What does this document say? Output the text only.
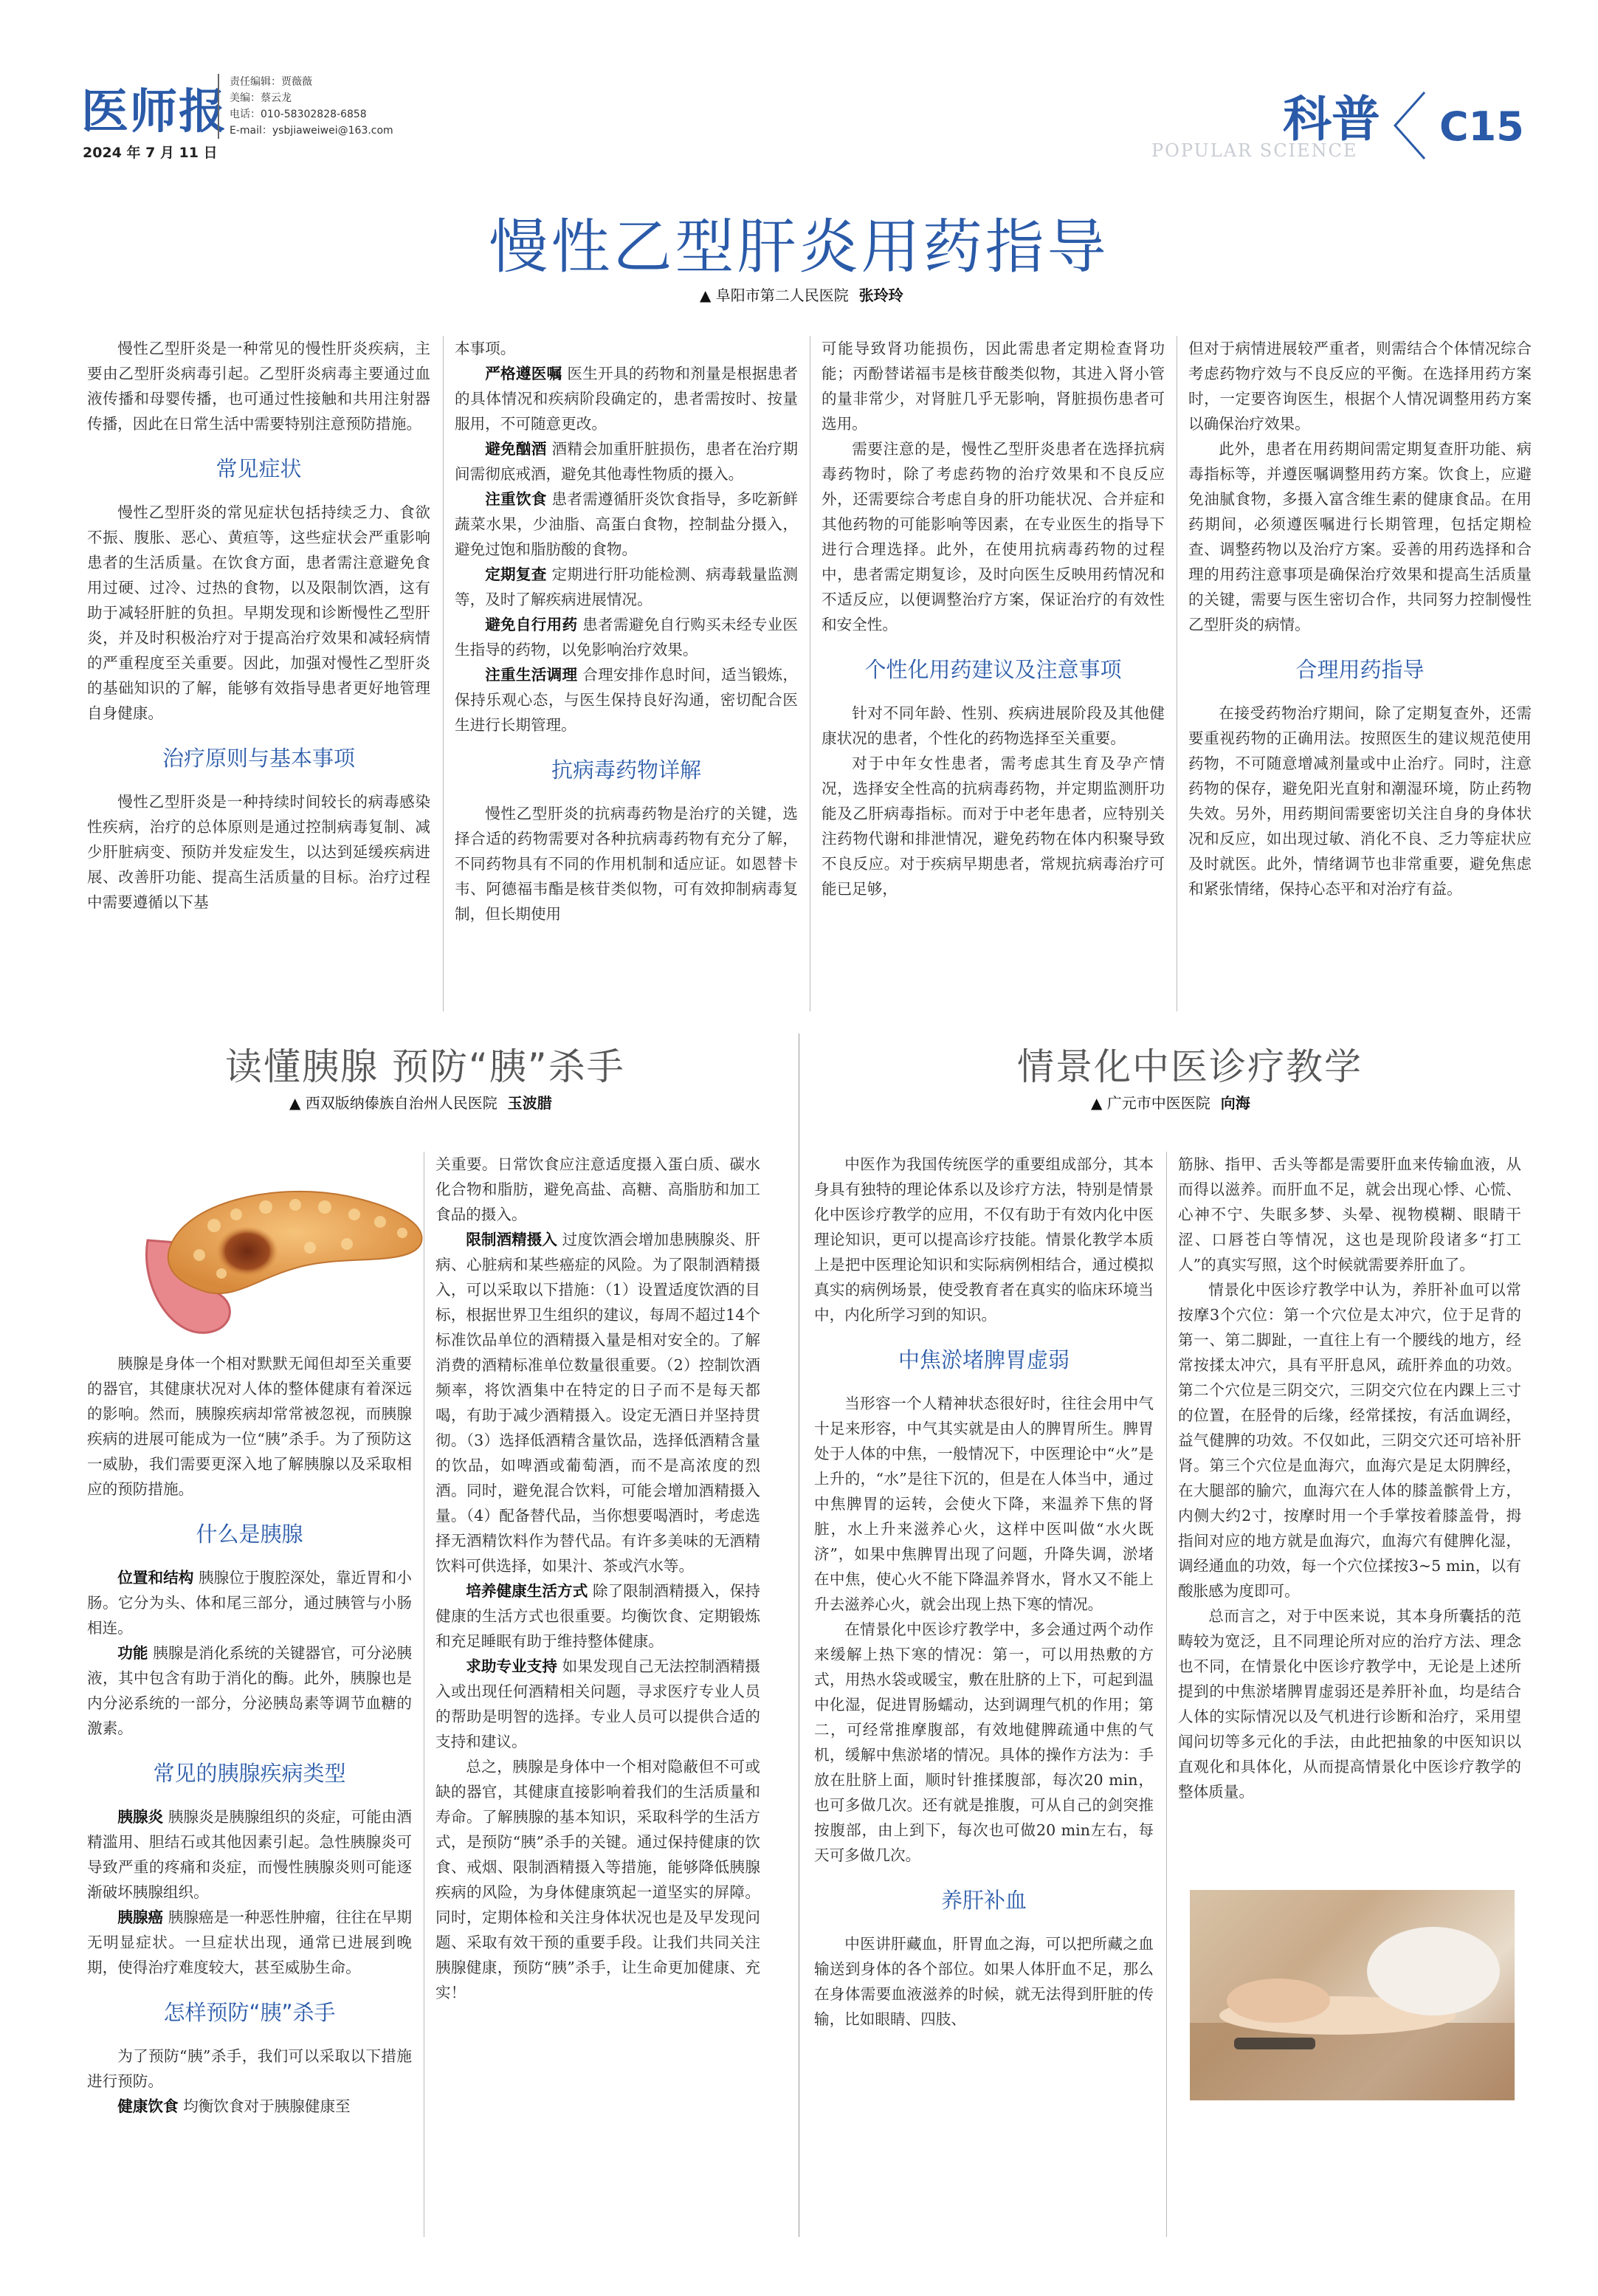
医师报
2024 年 7 月 11 日
责任编辑：贾薇薇
美编：蔡云龙
电话：010-58302828-6858
E-mail：ysbjiaweiwei@163.com	科普
POPULAR SCIENCE
C15
慢性乙型肝炎用药指导
▲ 阜阳市第二人民医院 张玲玲

慢性乙型肝炎是一种常见的慢性肝炎疾病，主要由乙型肝炎病毒引起。乙型肝炎病毒主要通过血液传播和母婴传播，也可通过性接触和共用注射器传播，因此在日常生活中需要特别注意预防措施。

常见症状

慢性乙型肝炎的常见症状包括持续乏力、食欲不振、腹胀、恶心、黄疸等，这些症状会严重影响患者的生活质量。在饮食方面，患者需注意避免食用过硬、过冷、过热的食物，以及限制饮酒，这有助于减轻肝脏的负担。早期发现和诊断慢性乙型肝炎，并及时积极治疗对于提高治疗效果和减轻病情的严重程度至关重要。因此，加强对慢性乙型肝炎的基础知识的了解，能够有效指导患者更好地管理自身健康。

治疗原则与基本事项

慢性乙型肝炎是一种持续时间较长的病毒感染性疾病，治疗的总体原则是通过控制病毒复制、减少肝脏病变、预防并发症发生，以达到延缓疾病进展、改善肝功能、提高生活质量的目标。治疗过程中需要遵循以下基

本事项。

严格遵医嘱 医生开具的药物和剂量是根据患者的具体情况和疾病阶段确定的，患者需按时、按量服用，不可随意更改。

避免酗酒 酒精会加重肝脏损伤，患者在治疗期间需彻底戒酒，避免其他毒性物质的摄入。

注重饮食 患者需遵循肝炎饮食指导，多吃新鲜蔬菜水果，少油脂、高蛋白食物，控制盐分摄入，避免过饱和脂肪酸的食物。

定期复查 定期进行肝功能检测、病毒载量监测等，及时了解疾病进展情况。

避免自行用药 患者需避免自行购买未经专业医生指导的药物，以免影响治疗效果。

注重生活调理 合理安排作息时间，适当锻炼，保持乐观心态，与医生保持良好沟通，密切配合医生进行长期管理。

抗病毒药物详解

慢性乙型肝炎的抗病毒药物是治疗的关键，选择合适的药物需要对各种抗病毒药物有充分了解，不同药物具有不同的作用机制和适应证。如恩替卡韦、阿德福韦酯是核苷类似物，可有效抑制病毒复制，但长期使用

可能导致肾功能损伤，因此需患者定期检查肾功能；丙酚替诺福韦是核苷酸类似物，其进入肾小管的量非常少，对肾脏几乎无影响，肾脏损伤患者可选用。

需要注意的是，慢性乙型肝炎患者在选择抗病毒药物时，除了考虑药物的治疗效果和不良反应外，还需要综合考虑自身的肝功能状况、合并症和其他药物的可能影响等因素，在专业医生的指导下进行合理选择。此外，在使用抗病毒药物的过程中，患者需定期复诊，及时向医生反映用药情况和不适反应，以便调整治疗方案，保证治疗的有效性和安全性。

个性化用药建议及注意事项

针对不同年龄、性别、疾病进展阶段及其他健康状况的患者，个性化的药物选择至关重要。

对于中年女性患者，需考虑其生育及孕产情况，选择安全性高的抗病毒药物，并定期监测肝功能及乙肝病毒指标。而对于中老年患者，应特别关注药物代谢和排泄情况，避免药物在体内积聚导致不良反应。对于疾病早期患者，常规抗病毒治疗可能已足够，

但对于病情进展较严重者，则需结合个体情况综合考虑药物疗效与不良反应的平衡。在选择用药方案时，一定要咨询医生，根据个人情况调整用药方案以确保治疗效果。

此外，患者在用药期间需定期复查肝功能、病毒指标等，并遵医嘱调整用药方案。饮食上，应避免油腻食物，多摄入富含维生素的健康食品。在用药期间，必须遵医嘱进行长期管理，包括定期检查、调整药物以及治疗方案。妥善的用药选择和合理的用药注意事项是确保治疗效果和提高生活质量的关键，需要与医生密切合作，共同努力控制慢性乙型肝炎的病情。

合理用药指导

在接受药物治疗期间，除了定期复查外，还需要重视药物的正确用法。按照医生的建议规范使用药物，不可随意增减剂量或中止治疗。同时，注意药物的保存，避免阳光直射和潮湿环境，防止药物失效。另外，用药期间需要密切关注自身的身体状况和反应，如出现过敏、消化不良、乏力等症状应及时就医。此外，情绪调节也非常重要，避免焦虑和紧张情绪，保持心态平和对治疗有益。

读懂胰腺 预防“胰”杀手
▲ 西双版纳傣族自治州人民医院 玉波腊

胰腺是身体一个相对默默无闻但却至关重要的器官，其健康状况对人体的整体健康有着深远的影响。然而，胰腺疾病却常常被忽视，而胰腺疾病的进展可能成为一位“胰”杀手。为了预防这一威胁，我们需要更深入地了解胰腺以及采取相应的预防措施。

什么是胰腺

位置和结构 胰腺位于腹腔深处，靠近胃和小肠。它分为头、体和尾三部分，通过胰管与小肠相连。

功能 胰腺是消化系统的关键器官，可分泌胰液，其中包含有助于消化的酶。此外，胰腺也是内分泌系统的一部分，分泌胰岛素等调节血糖的激素。

常见的胰腺疾病类型

胰腺炎 胰腺炎是胰腺组织的炎症，可能由酒精滥用、胆结石或其他因素引起。急性胰腺炎可导致严重的疼痛和炎症，而慢性胰腺炎则可能逐渐破坏胰腺组织。

胰腺癌 胰腺癌是一种恶性肿瘤，往往在早期无明显症状。一旦症状出现，通常已进展到晚期，使得治疗难度较大，甚至威胁生命。

怎样预防“胰”杀手

为了预防“胰”杀手，我们可以采取以下措施进行预防。

健康饮食 均衡饮食对于胰腺健康至

关重要。日常饮食应注意适度摄入蛋白质、碳水化合物和脂肪，避免高盐、高糖、高脂肪和加工食品的摄入。

限制酒精摄入 过度饮酒会增加患胰腺炎、肝病、心脏病和某些癌症的风险。为了限制酒精摄入，可以采取以下措施：（1）设置适度饮酒的目标，根据世界卫生组织的建议，每周不超过14个标准饮品单位的酒精摄入量是相对安全的。了解消费的酒精标准单位数量很重要。（2）控制饮酒频率，将饮酒集中在特定的日子而不是每天都喝，有助于减少酒精摄入。设定无酒日并坚持贯彻。（3）选择低酒精含量饮品，选择低酒精含量的饮品，如啤酒或葡萄酒，而不是高浓度的烈酒。同时，避免混合饮料，可能会增加酒精摄入量。（4）配备替代品，当你想要喝酒时，考虑选择无酒精饮料作为替代品。有许多美味的无酒精饮料可供选择，如果汁、茶或汽水等。

培养健康生活方式 除了限制酒精摄入，保持健康的生活方式也很重要。均衡饮食、定期锻炼和充足睡眠有助于维持整体健康。

求助专业支持 如果发现自己无法控制酒精摄入或出现任何酒精相关问题，寻求医疗专业人员的帮助是明智的选择。专业人员可以提供合适的支持和建议。

总之，胰腺是身体中一个相对隐蔽但不可或缺的器官，其健康直接影响着我们的生活质量和寿命。了解胰腺的基本知识，采取科学的生活方式，是预防“胰”杀手的关键。通过保持健康的饮食、戒烟、限制酒精摄入等措施，能够降低胰腺疾病的风险，为身体健康筑起一道坚实的屏障。同时，定期体检和关注身体状况也是及早发现问题、采取有效干预的重要手段。让我们共同关注胰腺健康，预防“胰”杀手，让生命更加健康、充实！

情景化中医诊疗教学
▲ 广元市中医医院 向海

中医作为我国传统医学的重要组成部分，其本身具有独特的理论体系以及诊疗方法，特别是情景化中医诊疗教学的应用，不仅有助于有效内化中医理论知识，更可以提高诊疗技能。情景化教学本质上是把中医理论知识和实际病例相结合，通过模拟真实的病例场景，使受教育者在真实的临床环境当中，内化所学习到的知识。

中焦淤堵脾胃虚弱

当形容一个人精神状态很好时，往往会用中气十足来形容，中气其实就是由人的脾胃所生。脾胃处于人体的中焦，一般情况下，中医理论中“火”是上升的，“水”是往下沉的，但是在人体当中，通过中焦脾胃的运转，会使火下降，来温养下焦的肾脏，水上升来滋养心火，这样中医叫做“水火既济”，如果中焦脾胃出现了问题，升降失调，淤堵在中焦，使心火不能下降温养肾水，肾水又不能上升去滋养心火，就会出现上热下寒的情况。

在情景化中医诊疗教学中，多会通过两个动作来缓解上热下寒的情况：第一，可以用热敷的方式，用热水袋或暖宝，敷在肚脐的上下，可起到温中化湿，促进胃肠蠕动，达到调理气机的作用；第二，可经常推摩腹部，有效地健脾疏通中焦的气机，缓解中焦淤堵的情况。具体的操作方法为：手放在肚脐上面，顺时针推揉腹部，每次20 min，也可多做几次。还有就是推腹，可从自己的剑突推按腹部，由上到下，每次也可做20 min左右，每天可多做几次。

养肝补血

中医讲肝藏血，肝胃血之海，可以把所藏之血输送到身体的各个部位。如果人体肝血不足，那么在身体需要血液滋养的时候，就无法得到肝脏的传输，比如眼睛、四肢、

筋脉、指甲、舌头等都是需要肝血来传输血液，从而得以滋养。而肝血不足，就会出现心悸、心慌、心神不宁、失眠多梦、头晕、视物模糊、眼睛干涩、口唇苍白等情况，这也是现阶段诸多“打工人”的真实写照，这个时候就需要养肝血了。

情景化中医诊疗教学中认为，养肝补血可以常按摩3个穴位：第一个穴位是太冲穴，位于足背的第一、第二脚趾，一直往上有一个腰线的地方，经常按揉太冲穴，具有平肝息风，疏肝养血的功效。第二个穴位是三阴交穴，三阴交穴位在内踝上三寸的位置，在胫骨的后缘，经常揉按，有活血调经，益气健脾的功效。不仅如此，三阴交穴还可培补肝肾。第三个穴位是血海穴，血海穴是足太阴脾经，在大腿部的腧穴，血海穴在人体的膝盖髌骨上方，内侧大约2寸，按摩时用一个手掌按着膝盖骨，拇指间对应的地方就是血海穴，血海穴有健脾化湿，调经通血的功效，每一个穴位揉按3~5 min，以有酸胀感为度即可。

总而言之，对于中医来说，其本身所囊括的范畴较为宽泛，且不同理论所对应的治疗方法、理念也不同，在情景化中医诊疗教学中，无论是上述所提到的中焦淤堵脾胃虚弱还是养肝补血，均是结合人体的实际情况以及气机进行诊断和治疗，采用望闻问切等多元化的手法，由此把抽象的中医知识以直观化和具体化，从而提高情景化中医诊疗教学的整体质量。
